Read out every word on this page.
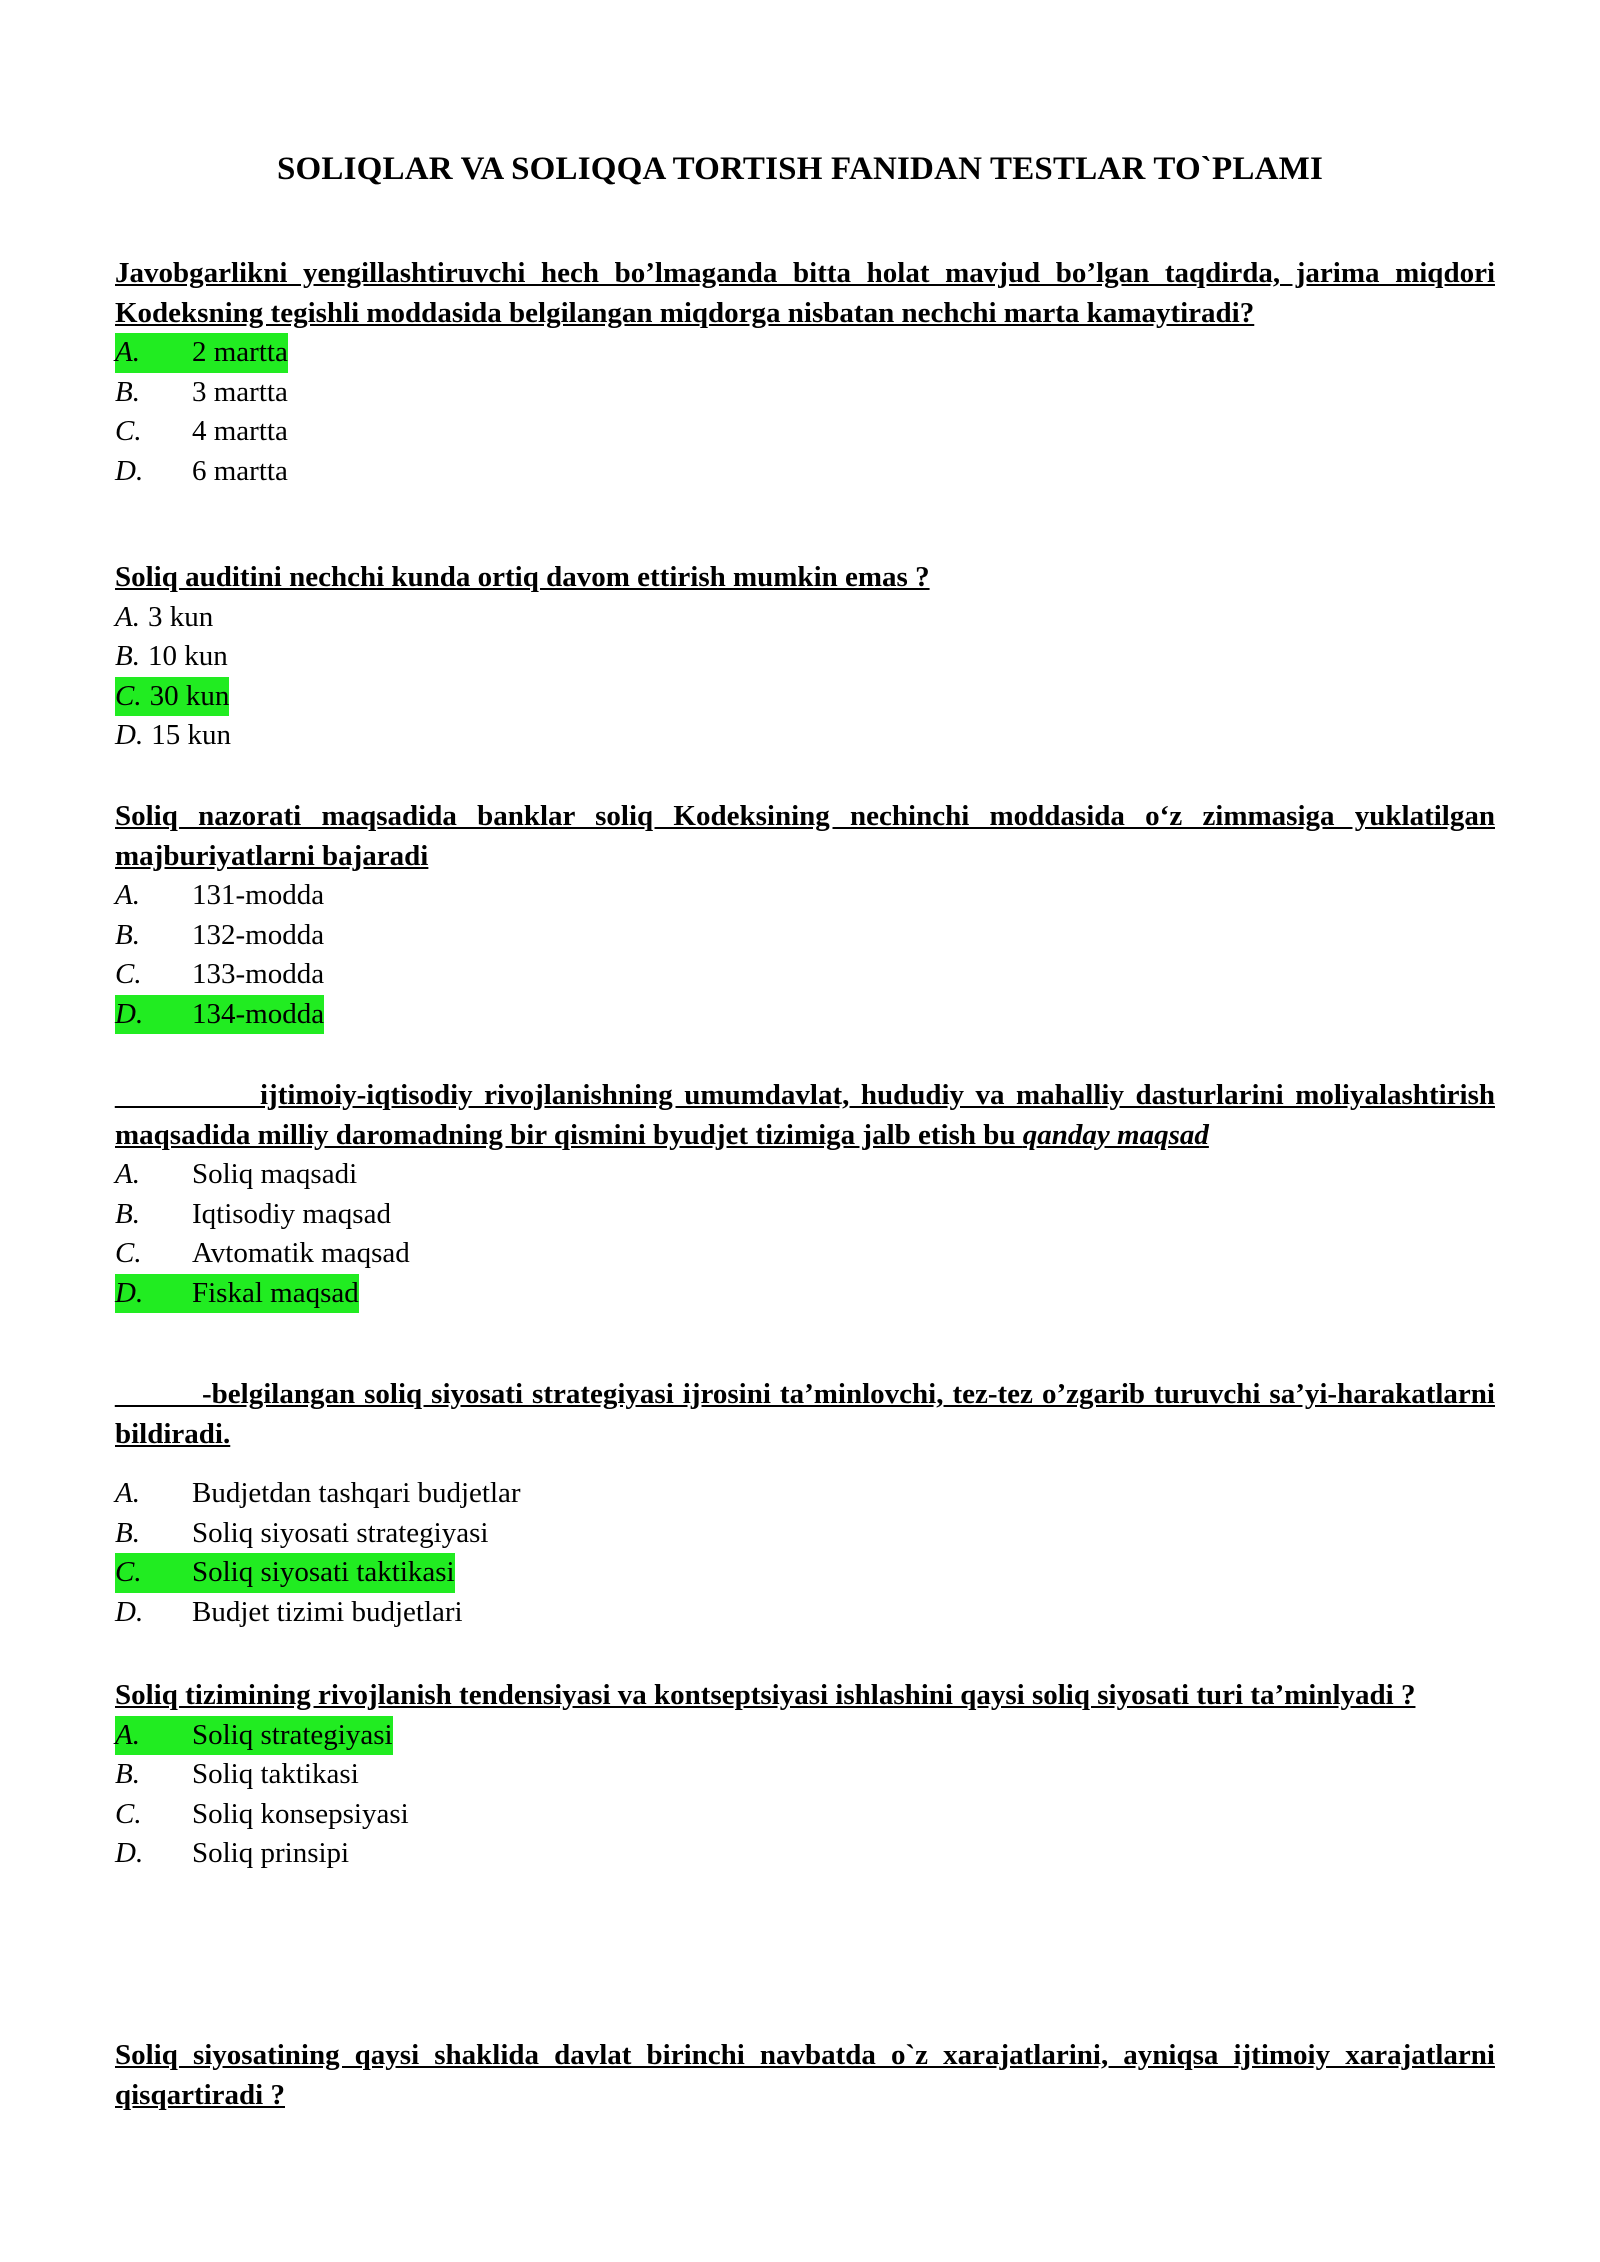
SOLIQLAR VA SOLIQQA TORTISH FANIDAN TESTLAR TO`PLAMI

Javobgarlikni yengillashtiruvchi hech bo’lmaganda bitta holat mavjud bo’lgan taqdirda, jarima miqdori Kodeksning tegishli moddasida belgilangan miqdorga nisbatan nechchi marta kamaytiradi?

A.	2 martta
B.	3 martta
C.	4 martta
D.	6 martta

Soliq auditini nechchi kunda ortiq davom ettirish mumkin emas ?

A. 3 kun
B. 10 kun
C. 30 kun
D. 15 kun

Soliq nazorati maqsadida banklar soliq Kodeksining nechinchi moddasida o‘z zimmasiga yuklatilgan majburiyatlarni bajaradi

A.	131-modda
B.	132-modda
C.	133-modda
D.	134-modda

__________ijtimoiy-iqtisodiy rivojlanishning umumdavlat, hududiy va mahalliy dasturlarini moliyalashtirish maqsadida milliy daromadning bir qismini byudjet tizimiga jalb etish bu qanday maqsad

A.	Soliq maqsadi
B.	Iqtisodiy maqsad
C.	Avtomatik maqsad
D.	Fiskal maqsad

______-belgilangan soliq siyosati strategiyasi ijrosini ta’minlovchi, tez-tez o’zgarib turuvchi sa’yi-harakatlarni bildiradi.

A.	Budjetdan tashqari budjetlar
B.	Soliq siyosati strategiyasi
C.	Soliq siyosati taktikasi
D.	Budjet tizimi budjetlari

Soliq tizimining rivojlanish tendensiyasi va kontseptsiyasi ishlashini qaysi soliq siyosati turi ta’minlyadi ?

A.	Soliq strategiyasi
B.	Soliq taktikasi
C.	Soliq konsepsiyasi
D.	Soliq prinsipi

Soliq siyosatining qaysi shaklida davlat birinchi navbatda o`z xarajatlarini, ayniqsa ijtimoiy xarajatlarni qisqartiradi ?
